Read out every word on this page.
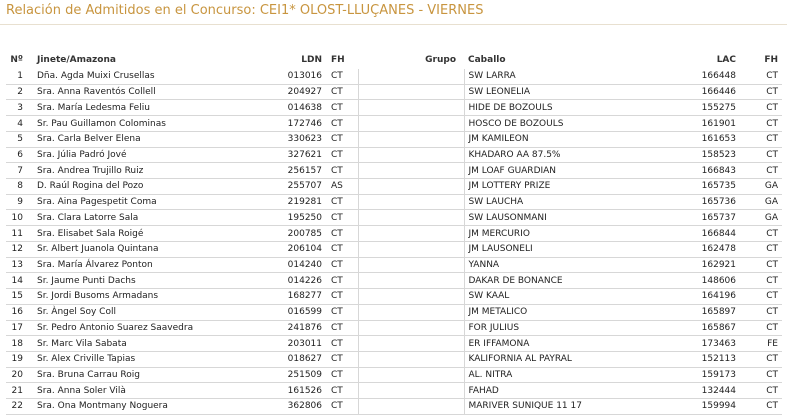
Relación de Admitidos en el Concurso: CEI1* OLOST-LLUÇANES - VIERNES
Nº	Jinete/Amazona	LDN	FH	Grupo	Caballo	LAC	FH
1	Dña. Agda Muixi Crusellas	013016	CT		SW LARRA	166448	CT
2	Sra. Anna Raventós Collell	204927	CT		SW LEONELIA	166446	CT
3	Sra. María Ledesma Feliu	014638	CT		HIDE DE BOZOULS	155275	CT
4	Sr. Pau Guillamon Colominas	172746	CT		HOSCO DE BOZOULS	161901	CT
5	Sra. Carla Belver Elena	330623	CT		JM KAMILEON	161653	CT
6	Sra. Júlia Padró Jové	327621	CT		KHADARO AA 87.5%	158523	CT
7	Sra. Andrea Trujillo Ruiz	256157	CT		JM LOAF GUARDIAN	166843	CT
8	D. Raúl Rogina del Pozo	255707	AS		JM LOTTERY PRIZE	165735	GA
9	Sra. Aina Pagespetit Coma	219281	CT		SW LAUCHA	165736	GA
10	Sra. Clara Latorre Sala	195250	CT		SW LAUSONMANI	165737	GA
11	Sra. Elisabet Sala Roigé	200785	CT		JM MERCURIO	166844	CT
12	Sr. Albert Juanola Quintana	206104	CT		JM LAUSONELI	162478	CT
13	Sra. María Álvarez Ponton	014240	CT		YANNA	162921	CT
14	Sr. Jaume Punti Dachs	014226	CT		DAKAR DE BONANCE	148606	CT
15	Sr. Jordi Busoms Armadans	168277	CT		SW KAAL	164196	CT
16	Sr. Àngel Soy Coll	016599	CT		JM METALICO	165897	CT
17	Sr. Pedro Antonio Suarez Saavedra	241876	CT		FOR JULIUS	165867	CT
18	Sr. Marc Vila Sabata	203011	CT		ER IFFAMONA	173463	FE
19	Sr. Alex Criville Tapias	018627	CT		KALIFORNIA AL PAYRAL	152113	CT
20	Sra. Bruna Carrau Roig	251509	CT		AL. NITRA	159173	CT
21	Sra. Anna Soler Vilà	161526	CT		FAHAD	132444	CT
22	Sra. Ona Montmany Noguera	362806	CT		MARIVER SUNIQUE 11 17	159994	CT
